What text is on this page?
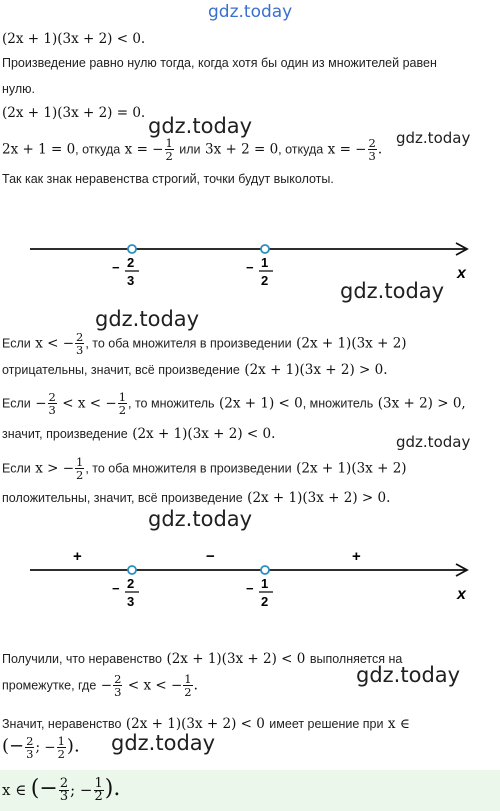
gdz.today
gdz.today	gdz.today
gdz.today
gdz.today
gdz.today
gdz.today
gdz.today
gdz.today
(2x + 1)(3x + 2) < 0.
Произведение равно нулю тогда, когда хотя бы один из множителей равен
нулю.
(2x + 1)(3x + 2) = 0.
2x + 1 = 0, откуда x = − $\frac{1}{2}$ или 3x + 2 = 0, откуда x = − $\frac{2}{3}$ .
Так как знак неравенства строгий, точки будут выколоты.
x
− 2
3
− 1
2
Если x < − $\frac{2}{3}$ , то оба множителя в произведении (2x + 1)(3x + 2)
отрицательны, значит, всё произведение (2x + 1)(3x + 2) > 0.
Если − $\frac{2}{3} < x$ < − $\frac{1}{2}$ , то множитель (2x + 1) < 0, множитель (3x + 2) > 0,
значит, произведение (2x + 1)(3x + 2) < 0.
Если x > − $\frac{1}{2}$ , то оба множителя в произведении (2x + 1)(3x + 2)
положительны, значит, всё произведение (2x + 1)(3x + 2) > 0.
+	−	+
x
− 2
3
− 1
2
Получили, что неравенство (2x + 1)(3x + 2) < 0 выполняется на
промежутке, где − $\frac{2}{3} < x$ < − $\frac{1}{2}$ .
Значит, неравенство (2x + 1)(3x + 2) < 0 имеет решение при x ∈
(− $\frac{2}{3}$ ; − $\frac{1}{2}$ ).
x ∈ (− $\frac{2}{3}$ ; − $\frac{1}{2}$ ).
